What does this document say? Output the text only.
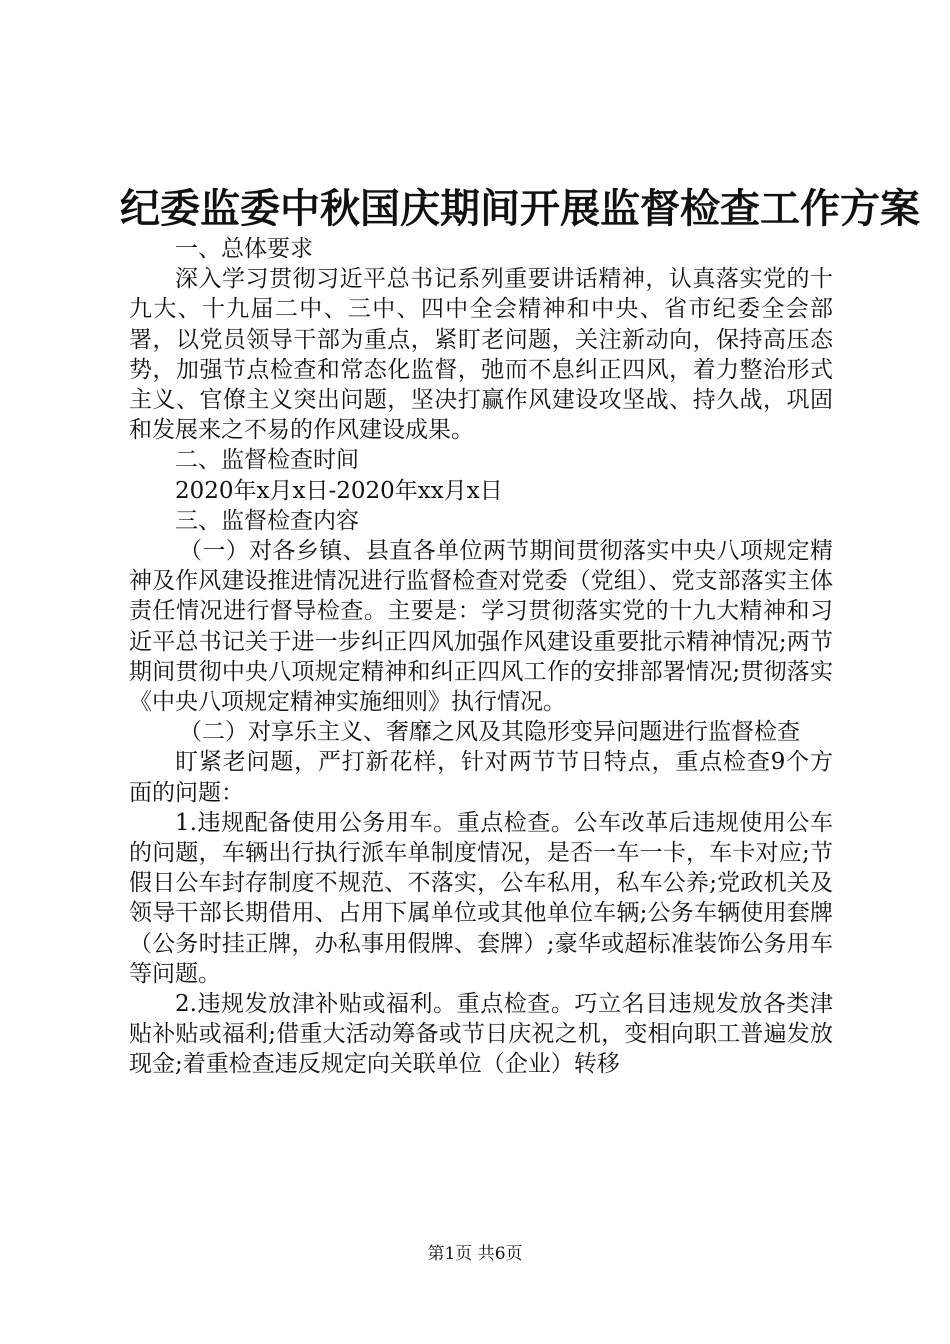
纪委监委中秋国庆期间开展监督检查工作方案

一、总体要求

深入学习贯彻习近平总书记系列重要讲话精神，认真落实党的十九大、十九届二中、三中、四中全会精神和中央、省市纪委全会部署，以党员领导干部为重点，紧盯老问题，关注新动向，保持高压态势，加强节点检查和常态化监督，弛而不息纠正四风，着力整治形式主义、官僚主义突出问题，坚决打赢作风建设攻坚战、持久战，巩固和发展来之不易的作风建设成果。

二、监督检查时间

2020年x月x日-2020年xx月x日

三、监督检查内容

（一）对各乡镇、县直各单位两节期间贯彻落实中央八项规定精神及作风建设推进情况进行监督检查对党委（党组）、党支部落实主体责任情况进行督导检查。主要是：学习贯彻落实党的十九大精神和习近平总书记关于进一步纠正四风加强作风建设重要批示精神情况;两节期间贯彻中央八项规定精神和纠正四风工作的安排部署情况;贯彻落实《中央八项规定精神实施细则》执行情况。

（二）对享乐主义、奢靡之风及其隐形变异问题进行监督检查

盯紧老问题，严打新花样，针对两节节日特点，重点检查9个方面的问题：

1.违规配备使用公务用车。重点检查。公车改革后违规使用公车的问题，车辆出行执行派车单制度情况，是否一车一卡，车卡对应;节假日公车封存制度不规范、不落实，公车私用，私车公养;党政机关及领导干部长期借用、占用下属单位或其他单位车辆;公务车辆使用套牌（公务时挂正牌，办私事用假牌、套牌）;豪华或超标准装饰公务用车等问题。

2.违规发放津补贴或福利。重点检查。巧立名目违规发放各类津贴补贴或福利;借重大活动筹备或节日庆祝之机，变相向职工普遍发放现金;着重检查违反规定向关联单位（企业）转移

第1页 共6页
